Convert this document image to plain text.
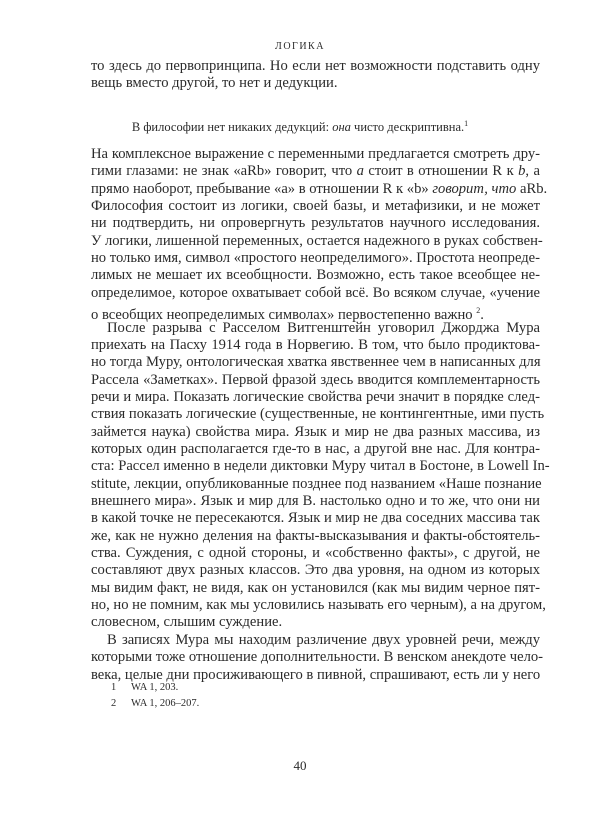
ЛОГИКА
то здесь до первопринципа. Но если нет возможности подставить одну
вещь вместо другой, то нет и дедукции.
В философии нет никаких дедукций: она чисто дескриптивна.$^1$
На комплексное выражение с переменными предлагается смотреть дру-
гими глазами: не знак «aRb» говорит, что a стоит в отношении R к b, а
прямо наоборот, пребывание «a» в отношении R к «b» говорит, что aRb.
Философия состоит из логики, своей базы, и метафизики, и не может
ни подтвердить, ни опровергнуть результатов научного исследования.
У логики, лишенной переменных, остается надежного в руках собствен-
но только имя, символ «простого неопределимого». Простота неопреде-
лимых не мешает их всеобщности. Возможно, есть такое всеобщее не-
определимое, которое охватывает собой всё. Во всяком случае, «учение
о всеобщих неопределимых символах» первостепенно важно $^2$.
После разрыва с Расселом Витгенштейн уговорил Джорджа Мура
приехать на Пасху 1914 года в Норвегию. В том, что было продиктова-
но тогда Муру, онтологическая хватка явственнее чем в написанных для
Рассела «Заметках». Первой фразой здесь вводится комплементарность
речи и мира. Показать логические свойства речи значит в порядке след-
ствия показать логические (существенные, не контингентные, ими пусть
займется наука) свойства мира. Язык и мир не два разных массива, из
которых один располагается где-то в нас, а другой вне нас. Для контра-
ста: Рассел именно в недели диктовки Муру читал в Бостоне, в Lowell In-
stitute, лекции, опубликованные позднее под названием «Наше познание
внешнего мира». Язык и мир для В. настолько одно и то же, что они ни
в какой точке не пересекаются. Язык и мир не два соседних массива так
же, как не нужно деления на факты-высказывания и факты-обстоятель-
ства. Суждения, с одной стороны, и «собственно факты», с другой, не
составляют двух разных классов. Это два уровня, на одном из которых
мы видим факт, не видя, как он установился (как мы видим черное пят-
но, но не помним, как мы условились называть его черным), а на другом,
словесном, слышим суждение.
В записях Мура мы находим различение двух уровней речи, между
которыми тоже отношение дополнительности. В венском анекдоте чело-
века, целые дни просиживающего в пивной, спрашивают, есть ли у него
1 WA 1, 203.
2 WA 1, 206–207.
40
